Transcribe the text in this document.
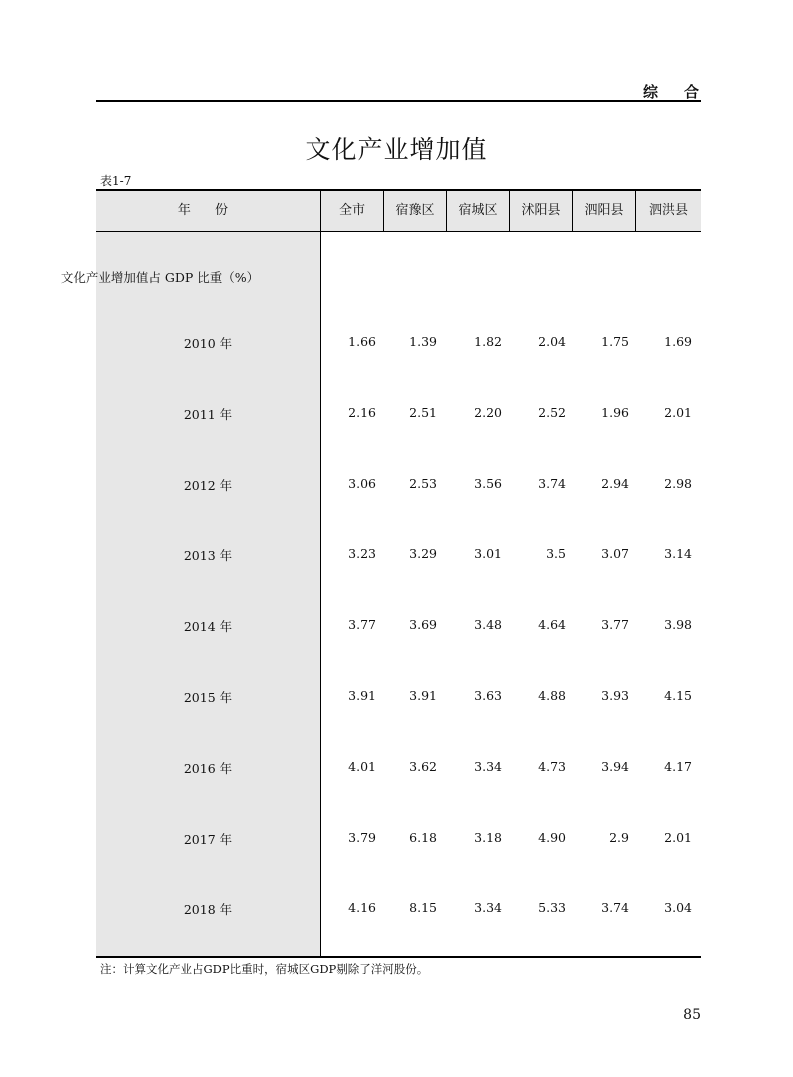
综合
文化产业增加值
表1-7
年 份	全市	宿豫区	宿城区	沭阳县	泗阳县	泗洪县
文化产业增加值占 GDP 比重（%）
2010 年	1.66	1.39	1.82	2.04	1.75	1.69
2011 年	2.16	2.51	2.20	2.52	1.96	2.01
2012 年	3.06	2.53	3.56	3.74	2.94	2.98
2013 年	3.23	3.29	3.01	3.5	3.07	3.14
2014 年	3.77	3.69	3.48	4.64	3.77	3.98
2015 年	3.91	3.91	3.63	4.88	3.93	4.15
2016 年	4.01	3.62	3.34	4.73	3.94	4.17
2017 年	3.79	6.18	3.18	4.90	2.9	2.01
2018 年	4.16	8.15	3.34	5.33	3.74	3.04
注：计算文化产业占GDP比重时，宿城区GDP剔除了洋河股份。
85
